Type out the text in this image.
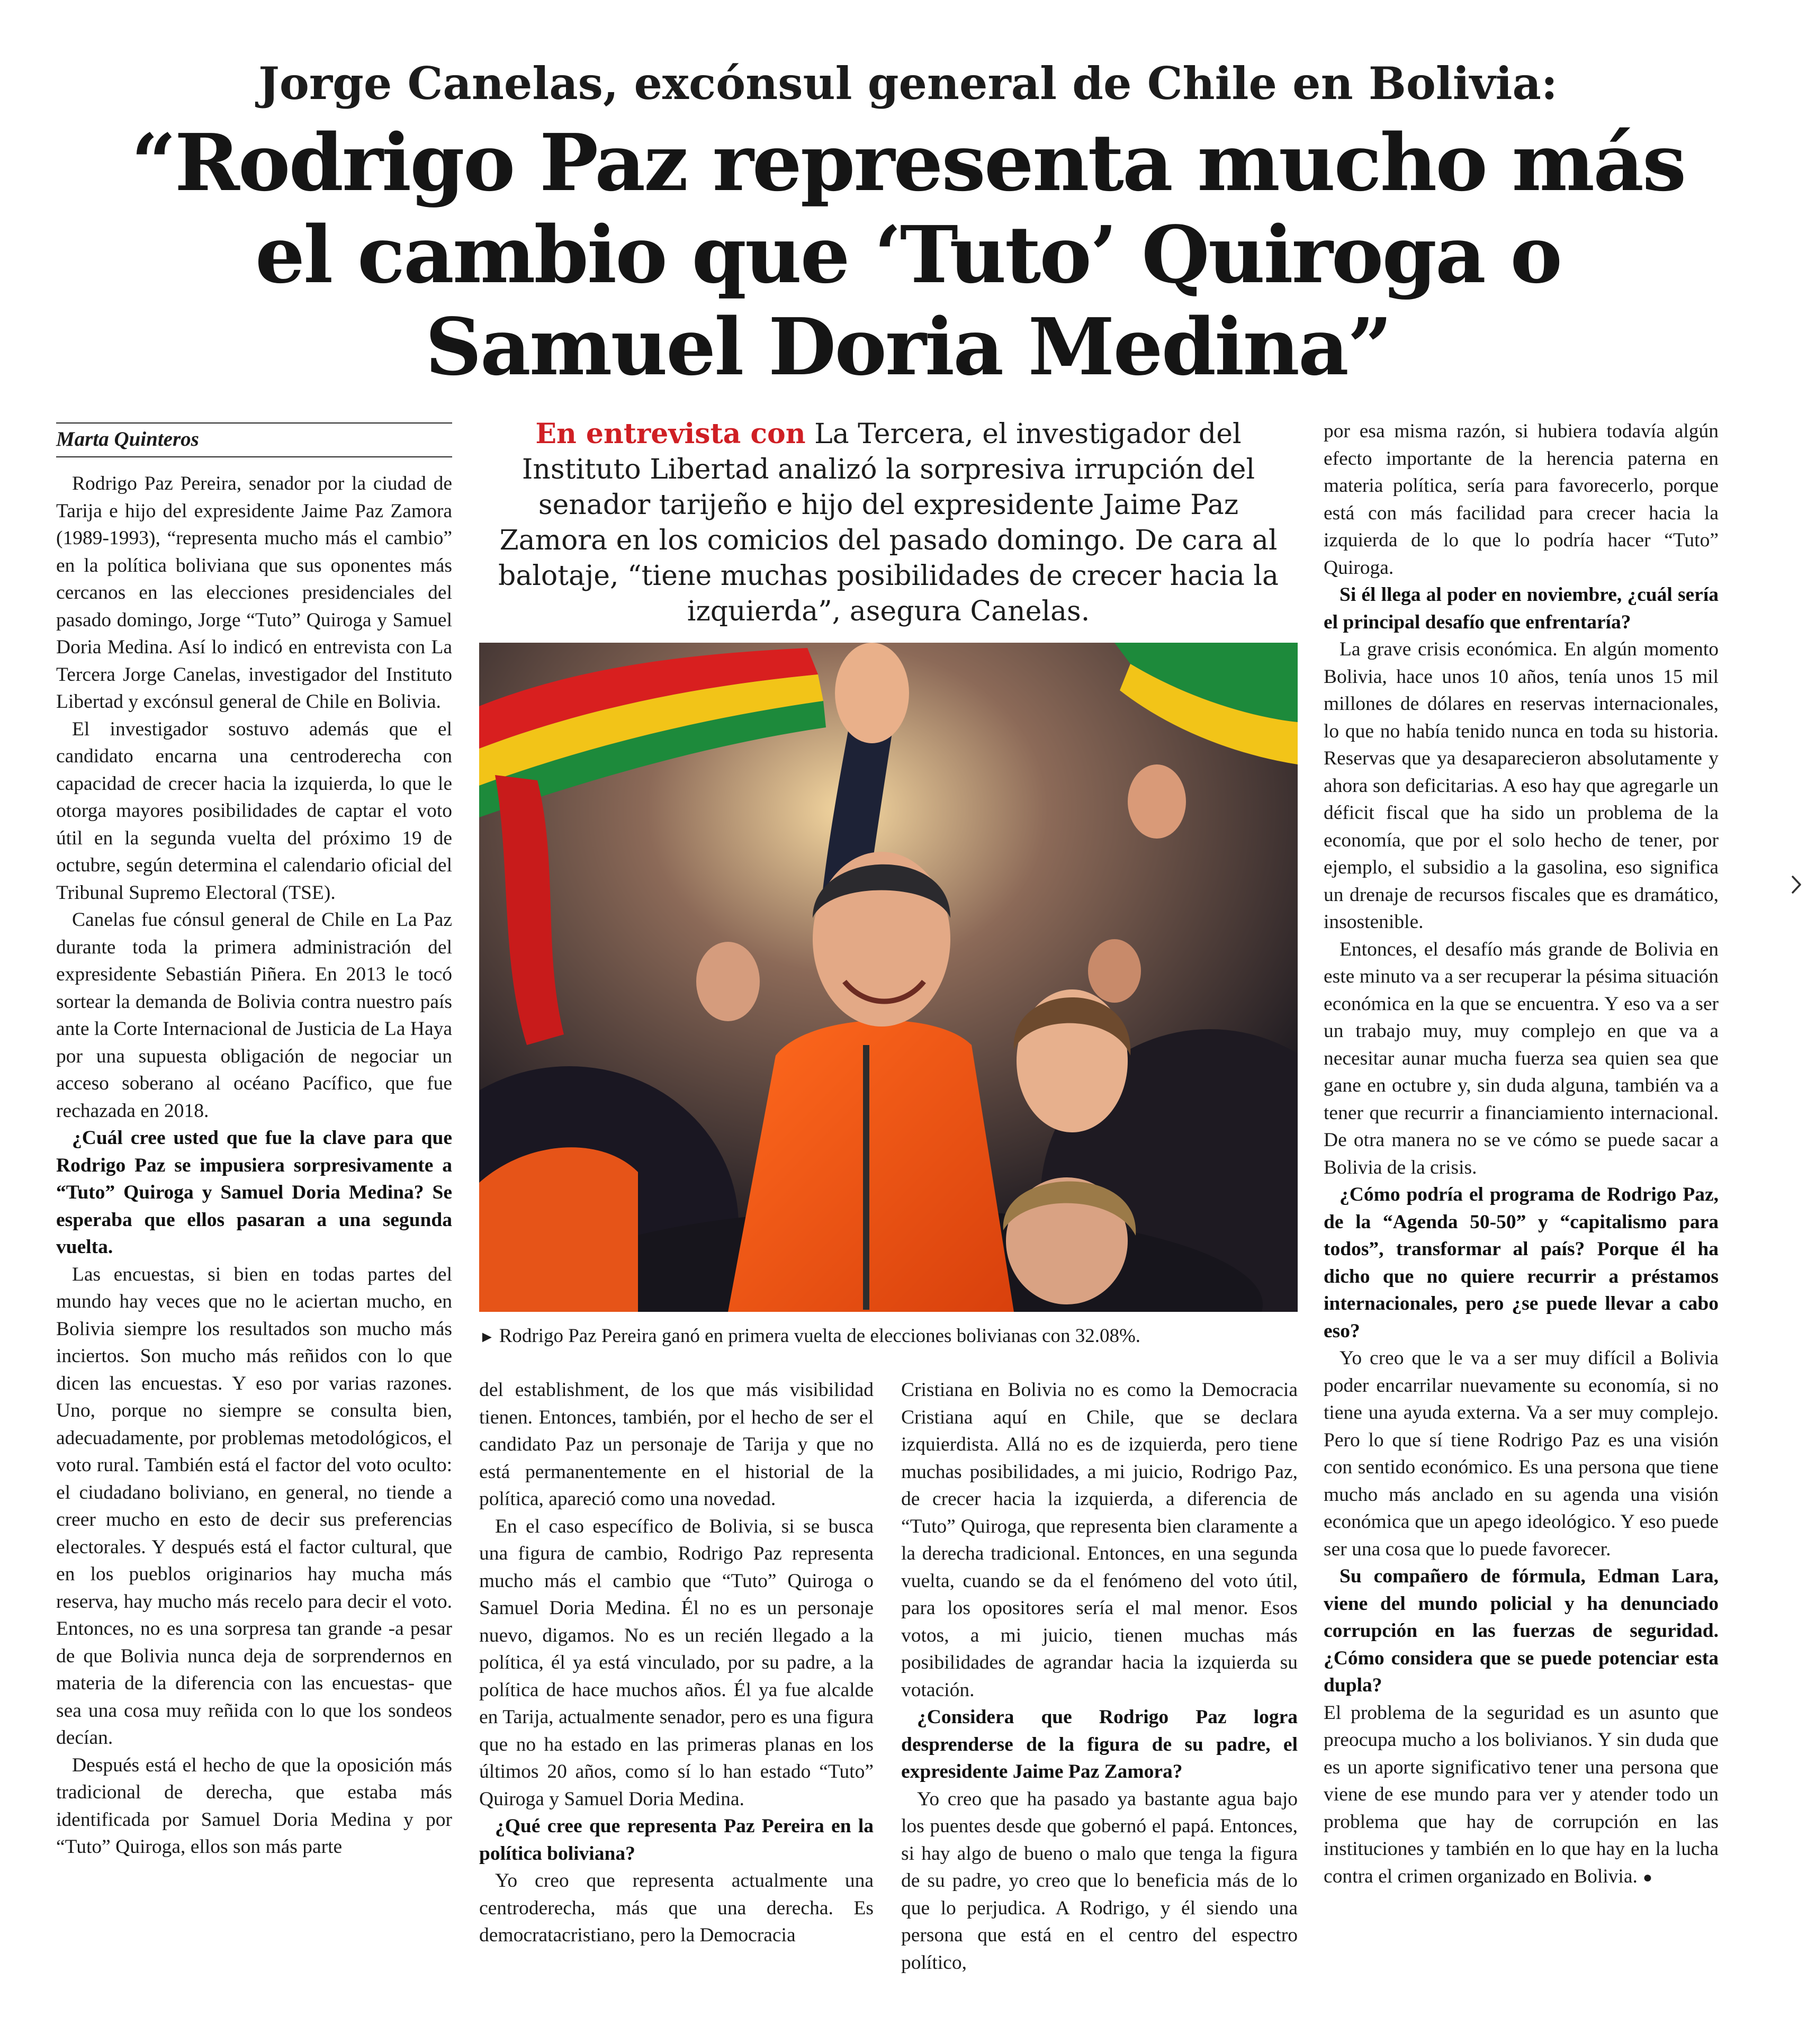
Jorge Canelas, excónsul general de Chile en Bolivia:

“Rodrigo Paz representa mucho más
el cambio que ‘Tuto’ Quiroga o
Samuel Doria Medina”
Marta Quinteros

Rodrigo Paz Pereira, senador por la ciudad de Tarija e hijo del expresidente Jaime Paz Zamora (1989-1993), “representa mucho más el cambio” en la política boliviana que sus oponentes más cercanos en las elecciones presidenciales del pasado domingo, Jorge “Tuto” Quiroga y Samuel Doria Medina. Así lo indicó en entrevista con La Tercera Jorge Canelas, investigador del Instituto Libertad y excónsul general de Chile en Bolivia.

El investigador sostuvo además que el candidato encarna una centroderecha con capacidad de crecer hacia la izquierda, lo que le otorga mayores posibilidades de captar el voto útil en la segunda vuelta del próximo 19 de octubre, según determina el calendario oficial del Tribunal Supremo Electoral (TSE).

Canelas fue cónsul general de Chile en La Paz durante toda la primera administración del expresidente Sebastián Piñera. En 2013 le tocó sortear la demanda de Bolivia contra nuestro país ante la Corte Internacional de Justicia de La Haya por una supuesta obligación de negociar un acceso soberano al océano Pacífico, que fue rechazada en 2018.

¿Cuál cree usted que fue la clave para que Rodrigo Paz se impusiera sorpresivamente a “Tuto” Quiroga y Samuel Doria Medina? Se esperaba que ellos pasaran a una segunda vuelta.

Las encuestas, si bien en todas partes del mundo hay veces que no le aciertan mucho, en Bolivia siempre los resultados son mucho más inciertos. Son mucho más reñidos con lo que dicen las encuestas. Y eso por varias razones. Uno, porque no siempre se consulta bien, adecuadamente, por problemas metodológicos, el voto rural. También está el factor del voto oculto: el ciudadano boliviano, en general, no tiende a creer mucho en esto de decir sus preferencias electorales. Y después está el factor cultural, que en los pueblos originarios hay mucha más reserva, hay mucho más recelo para decir el voto. Entonces, no es una sorpresa tan grande -a pesar de que Bolivia nunca deja de sorprendernos en materia de la diferencia con las encuestas- que sea una cosa muy reñida con lo que los sondeos decían.

Después está el hecho de que la oposición más tradicional de derecha, que estaba más identificada por Samuel Doria Medina y por “Tuto” Quiroga, ellos son más parte

En entrevista con La Tercera, el investigador del Instituto Libertad analizó la sorpresiva irrupción del senador tarijeño e hijo del expresidente Jaime Paz Zamora en los comicios del pasado domingo. De cara al balotaje, “tiene muchas posibilidades de crecer hacia la izquierda”, asegura Canelas.

► Rodrigo Paz Pereira ganó en primera vuelta de elecciones bolivianas con 32.08%.

del establishment, de los que más visibilidad tienen. Entonces, también, por el hecho de ser el candidato Paz un personaje de Tarija y que no está permanentemente en el historial de la política, apareció como una novedad.

En el caso específico de Bolivia, si se busca una figura de cambio, Rodrigo Paz representa mucho más el cambio que “Tuto” Quiroga o Samuel Doria Medina. Él no es un personaje nuevo, digamos. No es un recién llegado a la política, él ya está vinculado, por su padre, a la política de hace muchos años. Él ya fue alcalde en Tarija, actualmente senador, pero es una figura que no ha estado en las primeras planas en los últimos 20 años, como sí lo han estado “Tuto” Quiroga y Samuel Doria Medina.

¿Qué cree que representa Paz Pereira en la política boliviana?

Yo creo que representa actualmente una centroderecha, más que una derecha. Es democratacristiano, pero la Democracia

Cristiana en Bolivia no es como la Democracia Cristiana aquí en Chile, que se declara izquierdista. Allá no es de izquierda, pero tiene muchas posibilidades, a mi juicio, Rodrigo Paz, de crecer hacia la izquierda, a diferencia de “Tuto” Quiroga, que representa bien claramente a la derecha tradicional. Entonces, en una segunda vuelta, cuando se da el fenómeno del voto útil, para los opositores sería el mal menor. Esos votos, a mi juicio, tienen muchas más posibilidades de agrandar hacia la izquierda su votación.

¿Considera que Rodrigo Paz logra desprenderse de la figura de su padre, el expresidente Jaime Paz Zamora?

Yo creo que ha pasado ya bastante agua bajo los puentes desde que gobernó el papá. Entonces, si hay algo de bueno o malo que tenga la figura de su padre, yo creo que lo beneficia más de lo que lo perjudica. A Rodrigo, y él siendo una persona que está en el centro del espectro político,

por esa misma razón, si hubiera todavía algún efecto importante de la herencia paterna en materia política, sería para favorecerlo, porque está con más facilidad para crecer hacia la izquierda de lo que lo podría hacer “Tuto” Quiroga.

Si él llega al poder en noviembre, ¿cuál sería el principal desafío que enfrentaría?

La grave crisis económica. En algún momento Bolivia, hace unos 10 años, tenía unos 15 mil millones de dólares en reservas internacionales, lo que no había tenido nunca en toda su historia. Reservas que ya desaparecieron absolutamente y ahora son deficitarias. A eso hay que agregarle un déficit fiscal que ha sido un problema de la economía, que por el solo hecho de tener, por ejemplo, el subsidio a la gasolina, eso significa un drenaje de recursos fiscales que es dramático, insostenible.

Entonces, el desafío más grande de Bolivia en este minuto va a ser recuperar la pésima situación económica en la que se encuentra. Y eso va a ser un trabajo muy, muy complejo en que va a necesitar aunar mucha fuerza sea quien sea que gane en octubre y, sin duda alguna, también va a tener que recurrir a financiamiento internacional. De otra manera no se ve cómo se puede sacar a Bolivia de la crisis.

¿Cómo podría el programa de Rodrigo Paz, de la “Agenda 50-50” y “capitalismo para todos”, transformar al país? Porque él ha dicho que no quiere recurrir a préstamos internacionales, pero ¿se puede llevar a cabo eso?

Yo creo que le va a ser muy difícil a Bolivia poder encarrilar nuevamente su economía, si no tiene una ayuda externa. Va a ser muy complejo. Pero lo que sí tiene Rodrigo Paz es una visión con sentido económico. Es una persona que tiene mucho más anclado en su agenda una visión económica que un apego ideológico. Y eso puede ser una cosa que lo puede favorecer.

Su compañero de fórmula, Edman Lara, viene del mundo policial y ha denunciado corrupción en las fuerzas de seguridad. ¿Cómo considera que se puede potenciar esta dupla?

El problema de la seguridad es un asunto que preocupa mucho a los bolivianos. Y sin duda que es un aporte significativo tener una persona que viene de ese mundo para ver y atender todo un problema que hay de corrupción en las instituciones y también en lo que hay en la lucha contra el crimen organizado en Bolivia. ●
